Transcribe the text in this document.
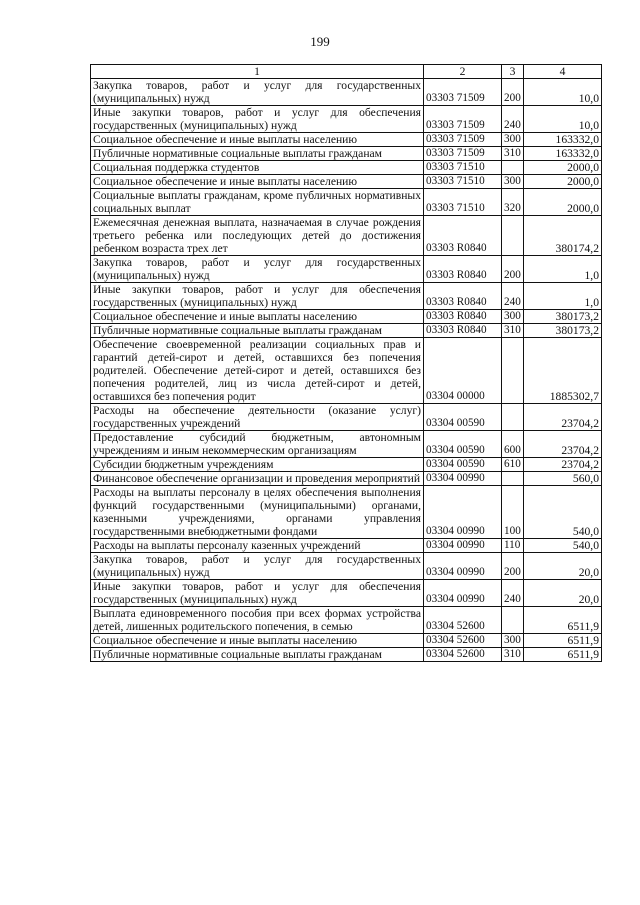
199
1	2	3	4
Закупка товаров, работ и услуг для государственных (муниципальных) нужд	03303 71509	200	10,0
Иные закупки товаров, работ и услуг для обеспечения государственных (муниципальных) нужд	03303 71509	240	10,0
Социальное обеспечение и иные выплаты населению	03303 71509	300	163332,0
Публичные нормативные социальные выплаты гражданам	03303 71509	310	163332,0
Социальная поддержка студентов	03303 71510		2000,0
Социальное обеспечение и иные выплаты населению	03303 71510	300	2000,0
Социальные выплаты гражданам, кроме публичных нормативных социальных выплат	03303 71510	320	2000,0
Ежемесячная денежная выплата, назначаемая в случае рождения третьего ребенка или последующих детей до достижения ребенком возраста трех лет	03303 R0840		380174,2
Закупка товаров, работ и услуг для государственных (муниципальных) нужд	03303 R0840	200	1,0
Иные закупки товаров, работ и услуг для обеспечения государственных (муниципальных) нужд	03303 R0840	240	1,0
Социальное обеспечение и иные выплаты населению	03303 R0840	300	380173,2
Публичные нормативные социальные выплаты гражданам	03303 R0840	310	380173,2
Обеспечение своевременной реализации социальных прав и гарантий детей-сирот и детей, оставшихся без попечения родителей. Обеспечение детей-сирот и детей, оставшихся без попечения родителей, лиц из числа детей-сирот и детей, оставшихся без попечения родит	03304 00000		1885302,7
Расходы на обеспечение деятельности (оказание услуг) государственных учреждений	03304 00590		23704,2
Предоставление субсидий бюджетным, автономным учреждениям и иным некоммерческим организациям	03304 00590	600	23704,2
Субсидии бюджетным учреждениям	03304 00590	610	23704,2
Финансовое обеспечение организации и проведения мероприятий	03304 00990		560,0
Расходы на выплаты персоналу в целях обеспечения выполнения функций государственными (муниципальными) органами, казенными учреждениями, органами управления государственными внебюджетными фондами	03304 00990	100	540,0
Расходы на выплаты персоналу казенных учреждений	03304 00990	110	540,0
Закупка товаров, работ и услуг для государственных (муниципальных) нужд	03304 00990	200	20,0
Иные закупки товаров, работ и услуг для обеспечения государственных (муниципальных) нужд	03304 00990	240	20,0
Выплата единовременного пособия при всех формах устройства детей, лишенных родительского попечения, в семью	03304 52600		6511,9
Социальное обеспечение и иные выплаты населению	03304 52600	300	6511,9
Публичные нормативные социальные выплаты гражданам	03304 52600	310	6511,9
